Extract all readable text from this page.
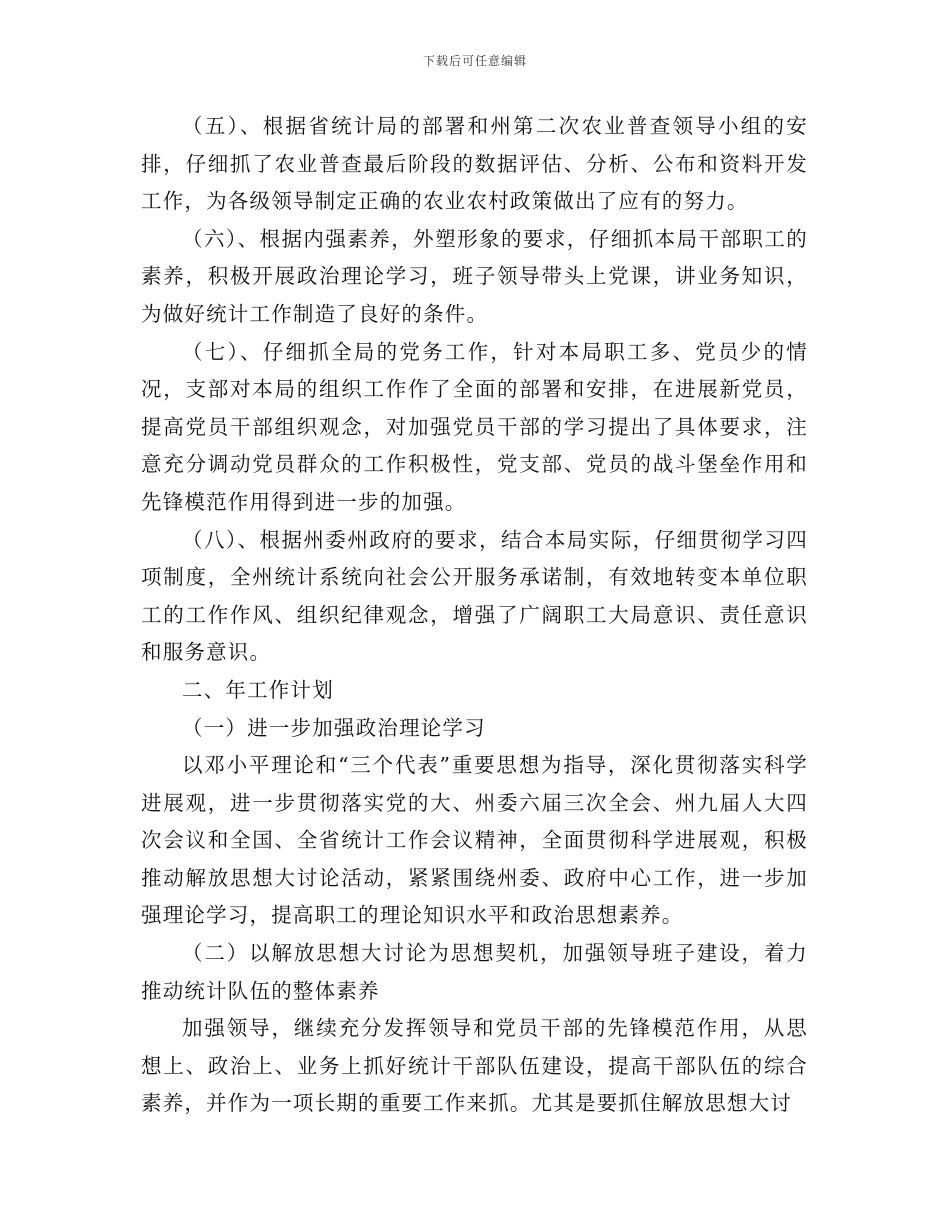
下载后可任意编辑

（五）、根据省统计局的部署和州第二次农业普查领导小组的安排，仔细抓了农业普查最后阶段的数据评估、分析、公布和资料开发工作，为各级领导制定正确的农业农村政策做出了应有的努力。

（六）、根据内强素养，外塑形象的要求，仔细抓本局干部职工的素养，积极开展政治理论学习，班子领导带头上党课，讲业务知识，为做好统计工作制造了良好的条件。

（七）、仔细抓全局的党务工作，针对本局职工多、党员少的情况，支部对本局的组织工作作了全面的部署和安排，在进展新党员，提高党员干部组织观念，对加强党员干部的学习提出了具体要求，注意充分调动党员群众的工作积极性，党支部、党员的战斗堡垒作用和先锋模范作用得到进一步的加强。

（八）、根据州委州政府的要求，结合本局实际，仔细贯彻学习四项制度，全州统计系统向社会公开服务承诺制，有效地转变本单位职工的工作作风、组织纪律观念，增强了广阔职工大局意识、责任意识和服务意识。

二、年工作计划

（一）进一步加强政治理论学习

以邓小平理论和“三个代表”重要思想为指导，深化贯彻落实科学进展观，进一步贯彻落实党的大、州委六届三次全会、州九届人大四次会议和全国、全省统计工作会议精神，全面贯彻科学进展观，积极推动解放思想大讨论活动，紧紧围绕州委、政府中心工作，进一步加强理论学习，提高职工的理论知识水平和政治思想素养。

（二）以解放思想大讨论为思想契机，加强领导班子建设，着力推动统计队伍的整体素养

加强领导，继续充分发挥领导和党员干部的先锋模范作用，从思想上、政治上、业务上抓好统计干部队伍建设，提高干部队伍的综合素养，并作为一项长期的重要工作来抓。尤其是要抓住解放思想大讨
